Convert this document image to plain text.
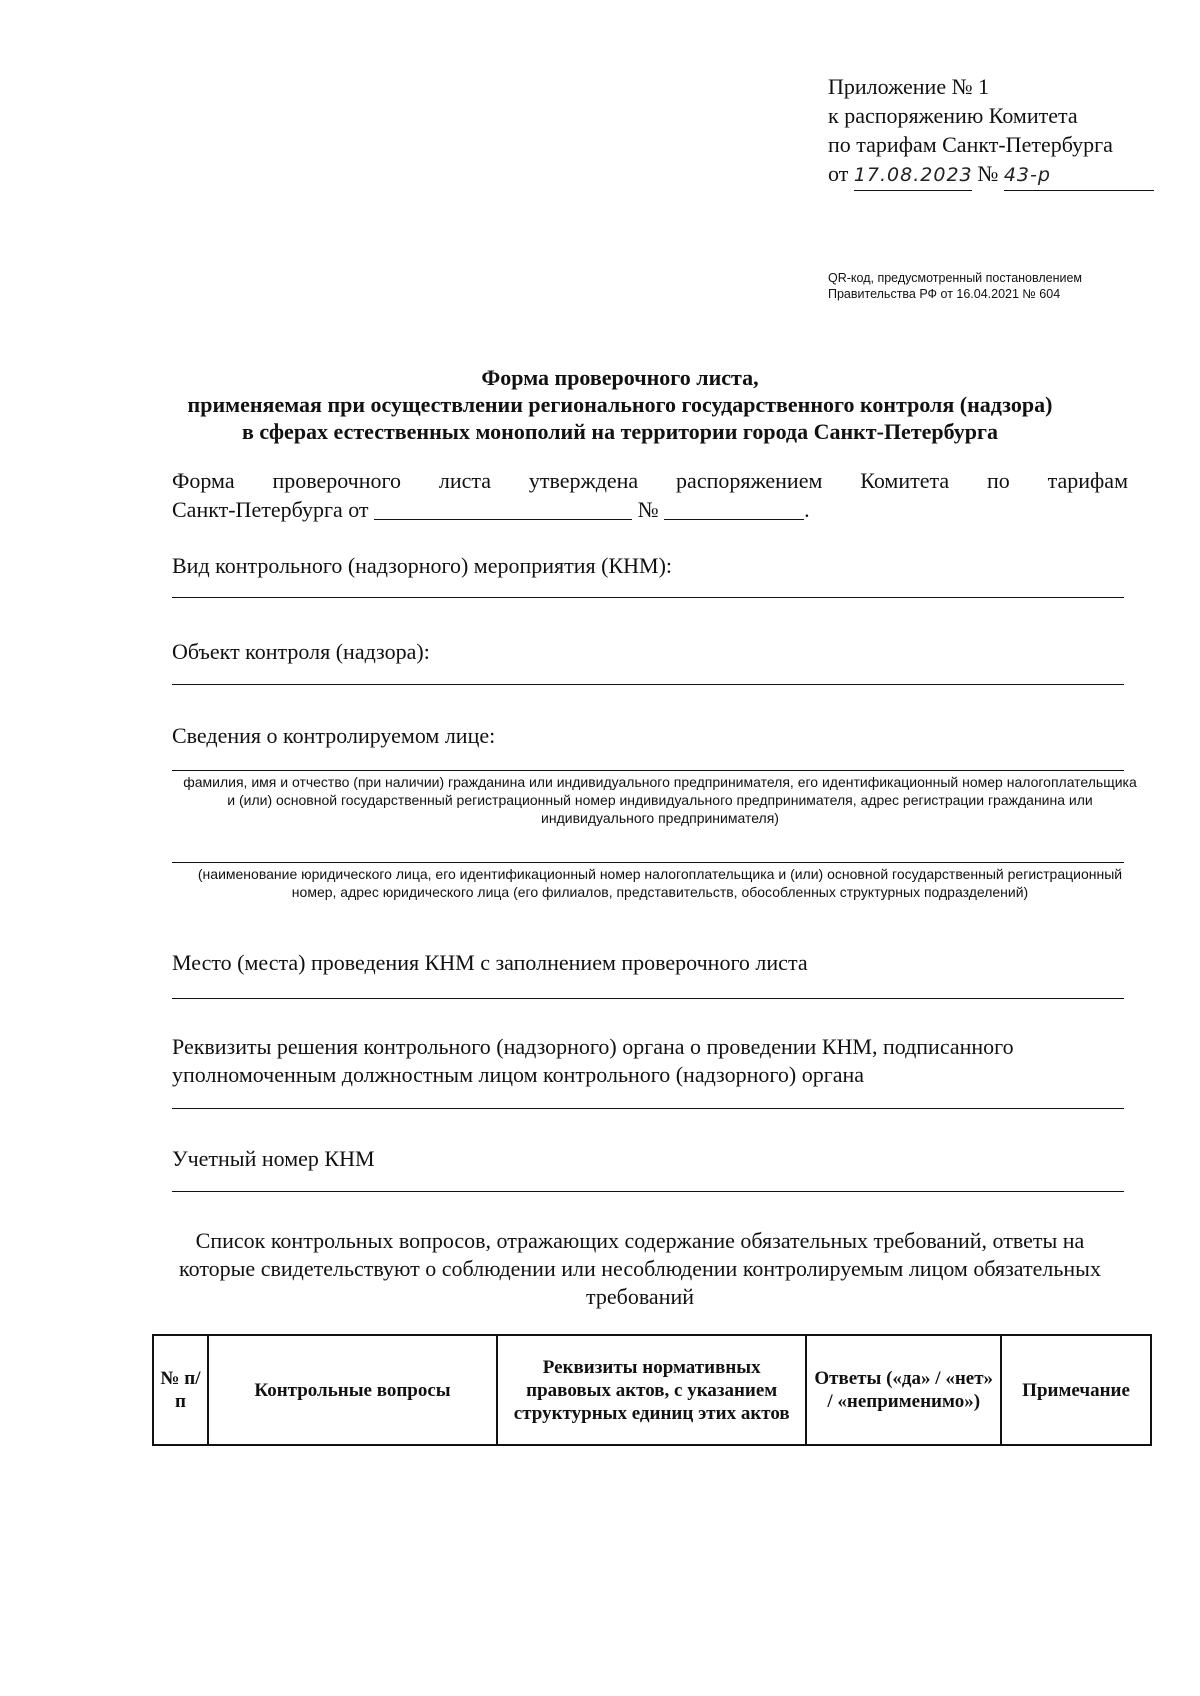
Приложение № 1
к распоряжению Комитета
по тарифам Санкт-Петербурга
от 17.08.2023 № 43-р
QR-код, предусмотренный постановлением
Правительства РФ от 16.04.2021 № 604
Форма проверочного листа,
применяемая при осуществлении регионального государственного контроля (надзора)
в сферах естественных монополий на территории города Санкт-Петербурга
Форма проверочного листа утверждена распоряжением Комитета по тарифам
Санкт-Петербурга от	№	.
Вид контрольного (надзорного) мероприятия (КНМ):
Объект контроля (надзора):
Сведения о контролируемом лице:
фамилия, имя и отчество (при наличии) гражданина или индивидуального предпринимателя, его идентификационный номер налогоплательщика и (или) основной государственный регистрационный номер индивидуального предпринимателя, адрес регистрации гражданина или индивидуального предпринимателя)
(наименование юридического лица, его идентификационный номер налогоплательщика и (или) основной государственный регистрационный номер, адрес юридического лица (его филиалов, представительств, обособленных структурных подразделений)
Место (места) проведения КНМ с заполнением проверочного листа
Реквизиты решения контрольного (надзорного) органа о проведении КНМ, подписанного
уполномоченным должностным лицом контрольного (надзорного) органа
Учетный номер КНМ
Список контрольных вопросов, отражающих содержание обязательных требований, ответы на которые свидетельствуют о соблюдении или несоблюдении контролируемым лицом обязательных требований
№ п/п	Контрольные вопросы	Реквизиты нормативных правовых актов, с указанием структурных единиц этих актов	Ответы («да» / «нет» / «неприменимо»)	Примечание
